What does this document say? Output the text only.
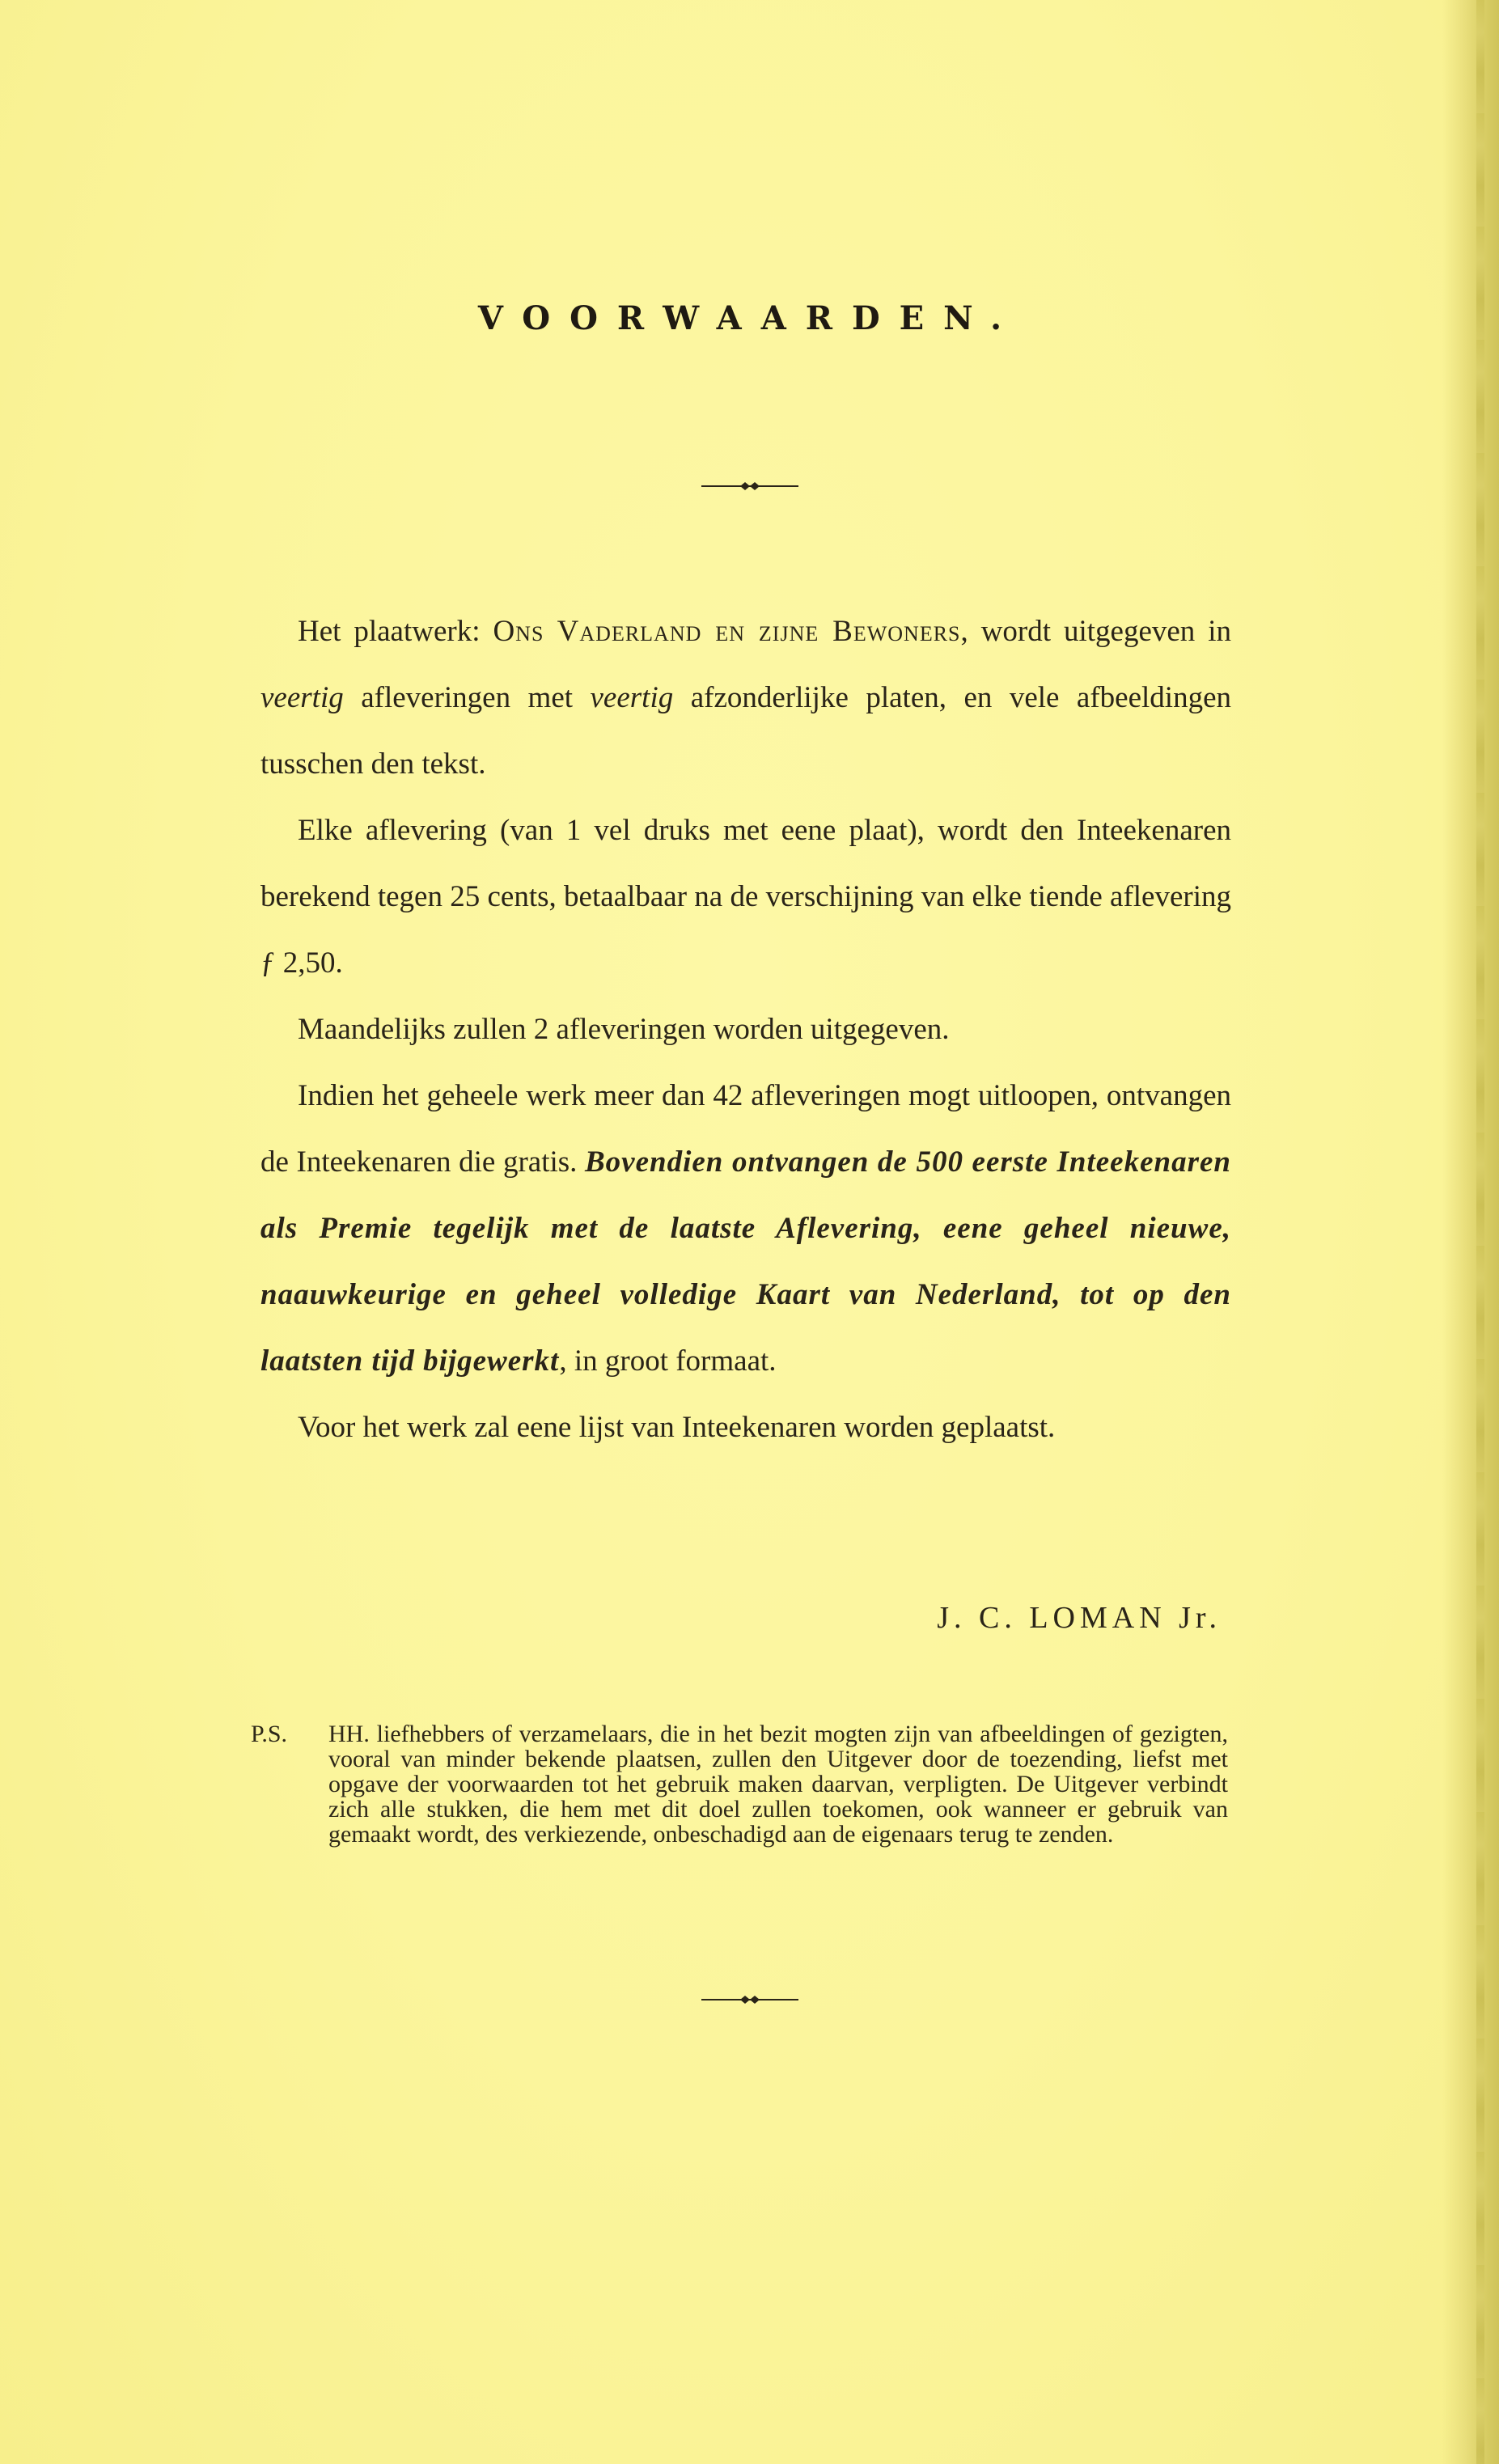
VOORWAARDEN.

Het plaatwerk: Ons Vaderland en zijne Bewoners, wordt uitgegeven in veertig afleveringen met veertig afzonderlijke platen, en vele afbeeldingen tusschen den tekst.

Elke aflevering (van 1 vel druks met eene plaat), wordt den Inteekenaren berekend tegen 25 cents, betaalbaar na de verschijning van elke tiende aflevering ƒ 2,50.

Maandelijks zullen 2 afleveringen worden uitgegeven.

Indien het geheele werk meer dan 42 afleveringen mogt uitloopen, ontvangen de Inteekenaren die gratis. Bovendien ontvangen de 500 eerste Inteekenaren als Premie tegelijk met de laatste Aflevering, eene geheel nieuwe, naauwkeurige en geheel volledige Kaart van Nederland, tot op den laatsten tijd bijgewerkt, in groot formaat.

Voor het werk zal eene lijst van Inteekenaren worden geplaatst.

J. C. LOMAN Jr.
P.S.	HH. liefhebbers of verzamelaars, die in het bezit mogten zijn van afbeeldingen of gezigten, vooral van minder bekende plaatsen, zullen den Uitgever door de toezending, liefst met opgave der voorwaarden tot het gebruik maken daarvan, verpligten. De Uitgever verbindt zich alle stukken, die hem met dit doel zullen toekomen, ook wanneer er gebruik van gemaakt wordt, des verkiezende, onbeschadigd aan de eigenaars terug te zenden.
